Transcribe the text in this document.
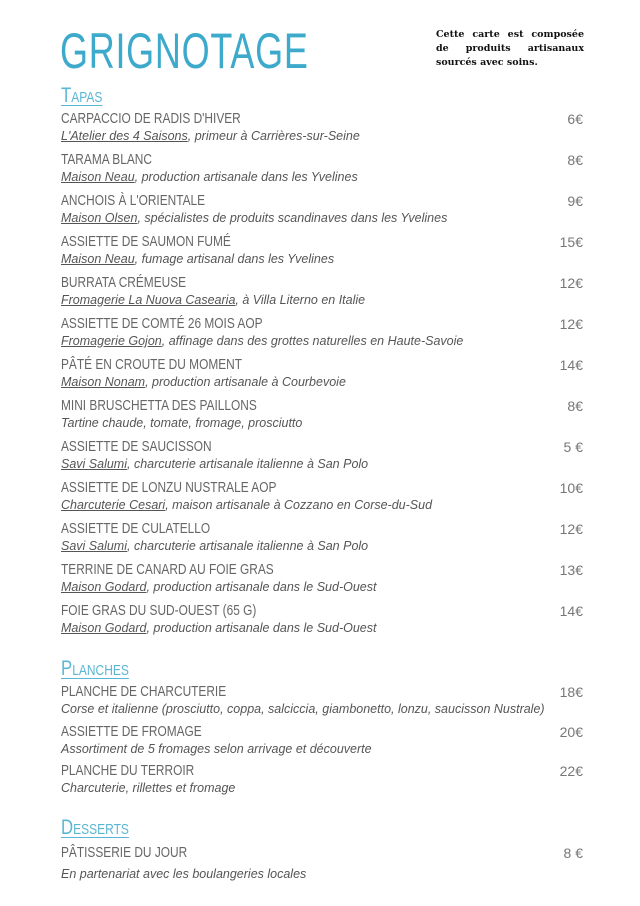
GRIGNOTAGE	Cette carte est composée de produits artisanaux sourcés avec soins.
Tapas
CARPACCIO DE RADIS D'HIVER	6€
L'Atelier des 4 Saisons, primeur à Carrières-sur-Seine
TARAMA BLANC	8€
Maison Neau, production artisanale dans les Yvelines
ANCHOIS À L'ORIENTALE	9€
Maison Olsen, spécialistes de produits scandinaves dans les Yvelines
ASSIETTE DE SAUMON FUMÉ	15€
Maison Neau, fumage artisanal dans les Yvelines
BURRATA CRÉMEUSE	12€
Fromagerie La Nuova Casearia, à Villa Literno en Italie
ASSIETTE DE COMTÉ 26 MOIS AOP	12€
Fromagerie Gojon, affinage dans des grottes naturelles en Haute-Savoie
PÂTÉ EN CROUTE DU MOMENT	14€
Maison Nonam, production artisanale à Courbevoie
MINI BRUSCHETTA DES PAILLONS	8€
Tartine chaude, tomate, fromage, prosciutto
ASSIETTE DE SAUCISSON	5 €
Savi Salumi, charcuterie artisanale italienne à San Polo
ASSIETTE DE LONZU NUSTRALE AOP	10€
Charcuterie Cesari, maison artisanale à Cozzano en Corse-du-Sud
ASSIETTE DE CULATELLO	12€
Savi Salumi, charcuterie artisanale italienne à San Polo
TERRINE DE CANARD AU FOIE GRAS	13€
Maison Godard, production artisanale dans le Sud-Ouest
FOIE GRAS DU SUD-OUEST (65 G)	14€
Maison Godard, production artisanale dans le Sud-Ouest
Planches
PLANCHE DE CHARCUTERIE	18€
Corse et italienne (prosciutto, coppa, salciccia, giambonetto, lonzu, saucisson Nustrale)
ASSIETTE DE FROMAGE	20€
Assortiment de 5 fromages selon arrivage et découverte
PLANCHE DU TERROIR	22€
Charcuterie, rillettes et fromage
Desserts
PÂTISSERIE DU JOUR	8 €
En partenariat avec les boulangeries locales
